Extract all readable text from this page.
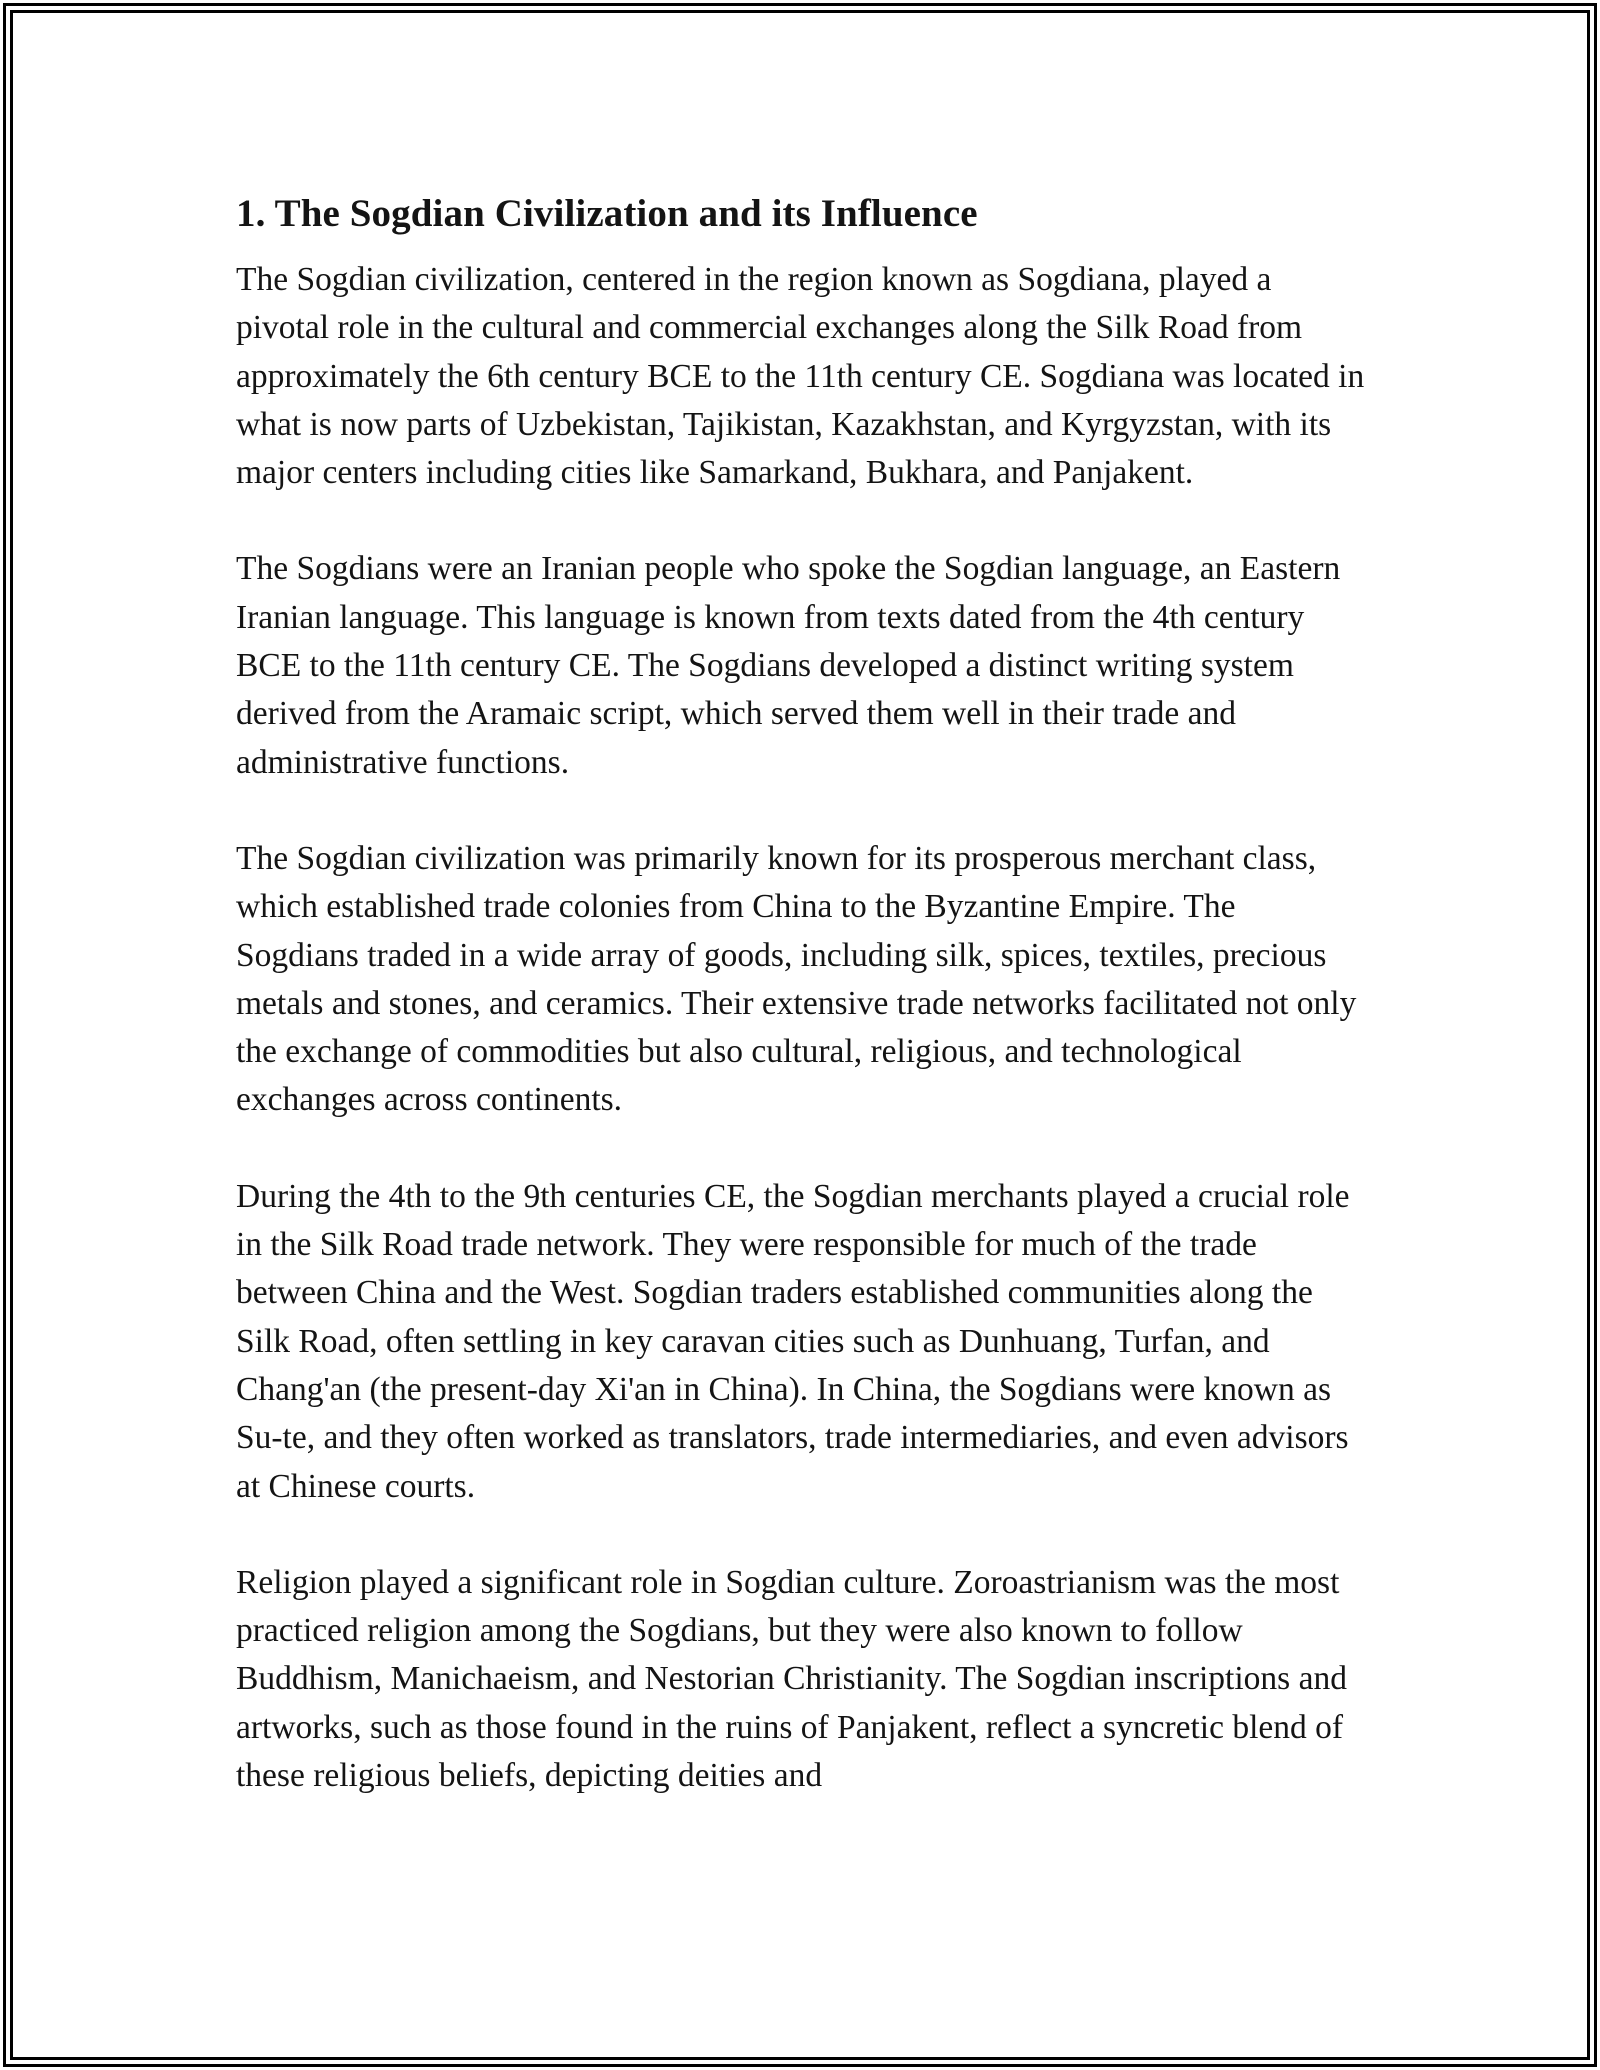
1. The Sogdian Civilization and its Influence

The Sogdian civilization, centered in the region known as Sogdiana, played a pivotal role in the cultural and commercial exchanges along the Silk Road from approximately the 6th century BCE to the 11th century CE. Sogdiana was located in what is now parts of Uzbekistan, Tajikistan, Kazakhstan, and Kyrgyzstan, with its major centers including cities like Samarkand, Bukhara, and Panjakent.

The Sogdians were an Iranian people who spoke the Sogdian language, an Eastern Iranian language. This language is known from texts dated from the 4th century BCE to the 11th century CE. The Sogdians developed a distinct writing system derived from the Aramaic script, which served them well in their trade and administrative functions.

The Sogdian civilization was primarily known for its prosperous merchant class, which established trade colonies from China to the Byzantine Empire. The Sogdians traded in a wide array of goods, including silk, spices, textiles, precious metals and stones, and ceramics. Their extensive trade networks facilitated not only the exchange of commodities but also cultural, religious, and technological exchanges across continents.

During the 4th to the 9th centuries CE, the Sogdian merchants played a crucial role in the Silk Road trade network. They were responsible for much of the trade between China and the West. Sogdian traders established communities along the Silk Road, often settling in key caravan cities such as Dunhuang, Turfan, and Chang'an (the present-day Xi'an in China). In China, the Sogdians were known as Su-te, and they often worked as translators, trade intermediaries, and even advisors at Chinese courts.

Religion played a significant role in Sogdian culture. Zoroastrianism was the most practiced religion among the Sogdians, but they were also known to follow Buddhism, Manichaeism, and Nestorian Christianity. The Sogdian inscriptions and artworks, such as those found in the ruins of Panjakent, reflect a syncretic blend of these religious beliefs, depicting deities and
